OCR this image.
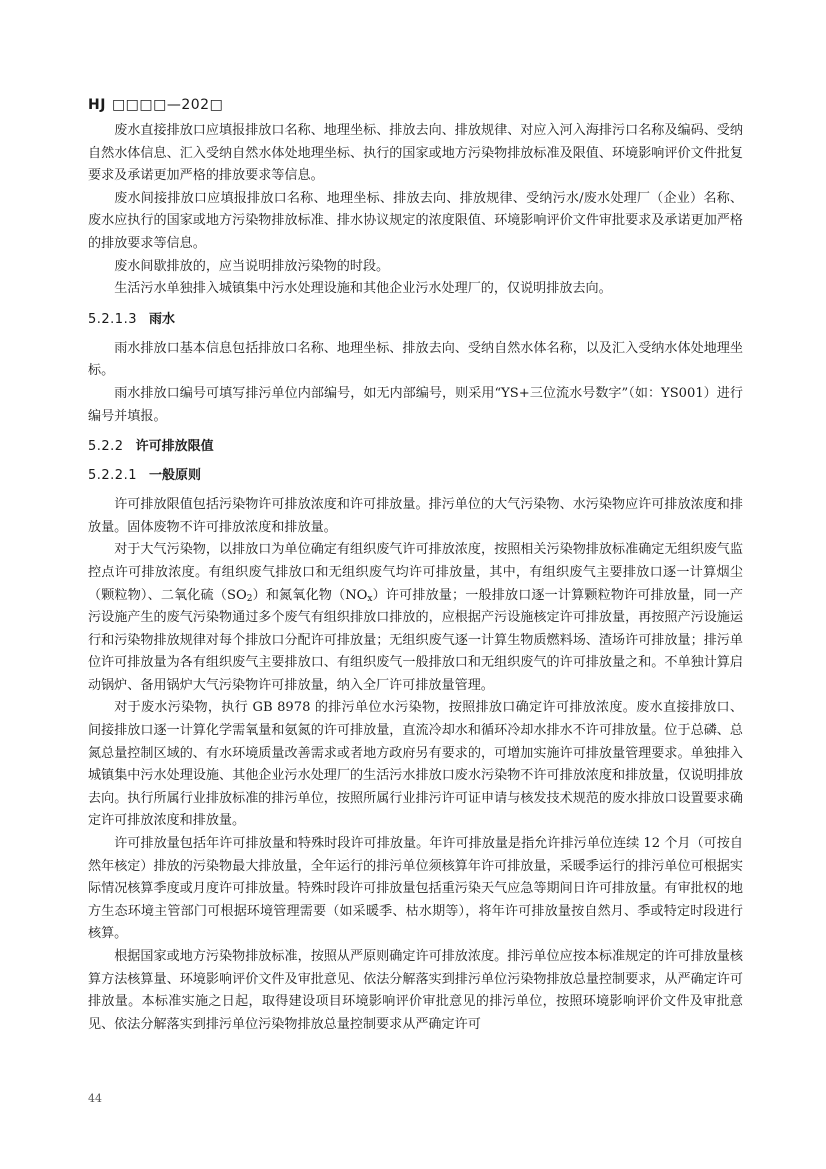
HJ □□□□—202□

废水直接排放口应填报排放口名称、地理坐标、排放去向、排放规律、对应入河入海排污口名称及编码、受纳自然水体信息、汇入受纳自然水体处地理坐标、执行的国家或地方污染物排放标准及限值、环境影响评价文件批复要求及承诺更加严格的排放要求等信息。

废水间接排放口应填报排放口名称、地理坐标、排放去向、排放规律、受纳污水/废水处理厂（企业）名称、废水应执行的国家或地方污染物排放标准、排水协议规定的浓度限值、环境影响评价文件审批要求及承诺更加严格的排放要求等信息。

废水间歇排放的，应当说明排放污染物的时段。

生活污水单独排入城镇集中污水处理设施和其他企业污水处理厂的，仅说明排放去向。

5.2.1.3 雨水

雨水排放口基本信息包括排放口名称、地理坐标、排放去向、受纳自然水体名称，以及汇入受纳水体处地理坐标。

雨水排放口编号可填写排污单位内部编号，如无内部编号，则采用“YS+三位流水号数字”（如：YS001）进行编号并填报。

5.2.2 许可排放限值
5.2.2.1 一般原则

许可排放限值包括污染物许可排放浓度和许可排放量。排污单位的大气污染物、水污染物应许可排放浓度和排放量。固体废物不许可排放浓度和排放量。

对于大气污染物，以排放口为单位确定有组织废气许可排放浓度，按照相关污染物排放标准确定无组织废气监控点许可排放浓度。有组织废气排放口和无组织废气均许可排放量，其中，有组织废气主要排放口逐一计算烟尘（颗粒物）、二氧化硫$(SO_2)$和氮氧化物$(NO_x)$许可排放量；一般排放口逐一计算颗粒物许可排放量，同一产污设施产生的废气污染物通过多个废气有组织排放口排放的，应根据产污设施核定许可排放量，再按照产污设施运行和污染物排放规律对每个排放口分配许可排放量；无组织废气逐一计算生物质燃料场、渣场许可排放量；排污单位许可排放量为各有组织废气主要排放口、有组织废气一般排放口和无组织废气的许可排放量之和。不单独计算启动锅炉、备用锅炉大气污染物许可排放量，纳入全厂许可排放量管理。

对于废水污染物，执行 GB 8978 的排污单位水污染物，按照排放口确定许可排放浓度。废水直接排放口、间接排放口逐一计算化学需氧量和氨氮的许可排放量，直流冷却水和循环冷却水排水不许可排放量。位于总磷、总氮总量控制区域的、有水环境质量改善需求或者地方政府另有要求的，可增加实施许可排放量管理要求。单独排入城镇集中污水处理设施、其他企业污水处理厂的生活污水排放口废水污染物不许可排放浓度和排放量，仅说明排放去向。执行所属行业排放标准的排污单位，按照所属行业排污许可证申请与核发技术规范的废水排放口设置要求确定许可排放浓度和排放量。

许可排放量包括年许可排放量和特殊时段许可排放量。年许可排放量是指允许排污单位连续 12 个月（可按自然年核定）排放的污染物最大排放量，全年运行的排污单位须核算年许可排放量，采暖季运行的排污单位可根据实际情况核算季度或月度许可排放量。特殊时段许可排放量包括重污染天气应急等期间日许可排放量。有审批权的地方生态环境主管部门可根据环境管理需要（如采暖季、枯水期等），将年许可排放量按自然月、季或特定时段进行核算。

根据国家或地方污染物排放标准，按照从严原则确定许可排放浓度。排污单位应按本标准规定的许可排放量核算方法核算量、环境影响评价文件及审批意见、依法分解落实到排污单位污染物排放总量控制要求，从严确定许可排放量。本标准实施之日起，取得建设项目环境影响评价审批意见的排污单位，按照环境影响评价文件及审批意见、依法分解落实到排污单位污染物排放总量控制要求从严确定许可

44
